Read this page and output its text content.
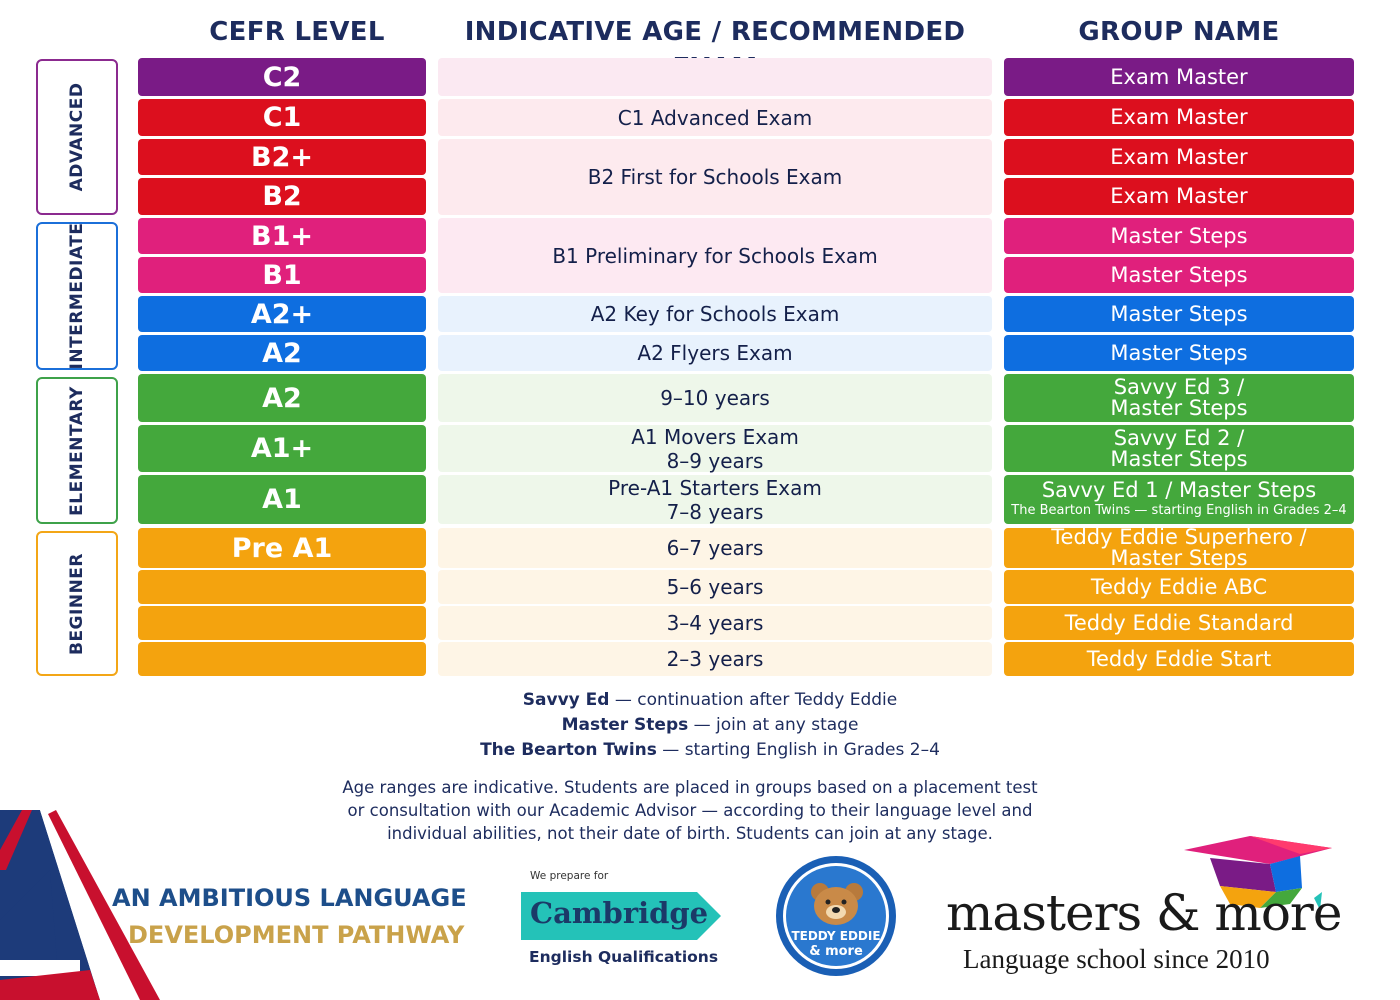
CEFR LEVEL	INDICATIVE AGE / RECOMMENDED	GROUP NAME
ADVANCED
INTERMEDIATE
ELEMENTARY
BEGINNER
C2
C1
B2+
B2
B1+
B1
A2+
A2
A2
A1+
A1
Pre A1
C1 Advanced Exam
B2 First for Schools Exam
B1 Preliminary for Schools Exam
A2 Key for Schools Exam
A2 Flyers Exam
9–10 years
A1 Movers Exam
8–9 years
Pre-A1 Starters Exam
7–8 years
6–7 years
5–6 years
3–4 years
2–3 years
Exam Master
Exam Master
Exam Master
Exam Master
Master Steps
Master Steps
Master Steps
Master Steps
Savvy Ed 3 /
Master Steps
Savvy Ed 2 /
Master Steps
Savvy Ed 1 / Master Steps
The Bearton Twins — starting English in Grades 2–4
Teddy Eddie Superhero /
Master Steps
Teddy Eddie ABC
Teddy Eddie Standard
Teddy Eddie Start
Savvy Ed — continuation after Teddy Eddie
Master Steps — join at any stage
The Bearton Twins — starting English in Grades 2–4
Age ranges are indicative. Students are placed in groups based on a placement test
or consultation with our Academic Advisor — according to their language level and
individual abilities, not their date of birth. Students can join at any stage.
AN AMBITIOUS LANGUAGE
DEVELOPMENT PATHWAY
We prepare for
Cambridge
English Qualifications
TEDDY EDDIE
& more
masters & more
Language school since 2010
